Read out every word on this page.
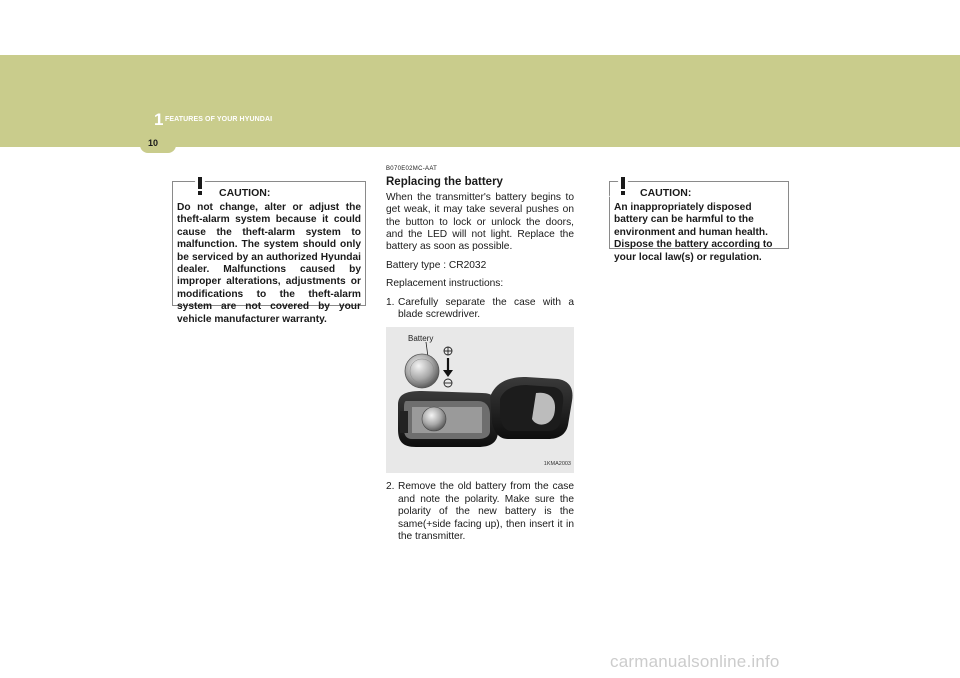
1 FEATURES OF YOUR HYUNDAI
10
CAUTION:

Do not change, alter or adjust the theft-alarm system because it could cause the theft-alarm system to malfunction. The system should only be serviced by an authorized Hyundai dealer. Malfunctions caused by improper alterations, adjustments or modifications to the theft-alarm system are not covered by your vehicle manufacturer warranty.

CAUTION:

An inappropriately disposed battery can be harmful to the environment and human health. Dispose the battery according to your local law(s) or regulation.

B070E02MC-AAT

Replacing the battery

When the transmitter's battery begins to get weak, it may take several pushes on the button to lock or unlock the doors, and the LED will not light. Replace the battery as soon as possible.

Battery type : CR2032

Replacement instructions:

1. Carefully separate the case with a blade screwdriver.
Battery
1KMA2003
2. Remove the old battery from the case and note the polarity. Make sure the polarity of the new battery is the same(+side facing up), then insert it in the transmitter.
carmanualsonline.info
